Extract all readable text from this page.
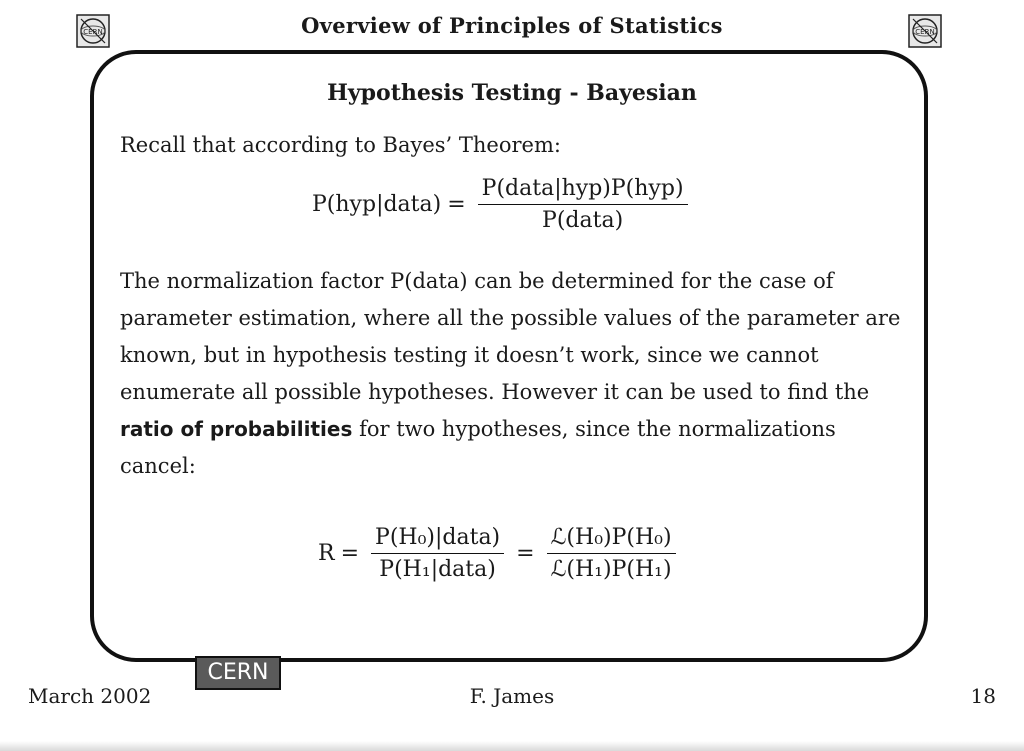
CERN	CERN
Overview of Principles of Statistics
Hypothesis Testing - Bayesian
Recall that according to Bayes’ Theorem:
P(hyp|data) = $\frac{\text{P(data|hyp)P(hyp)}}{\text{P(data)}}$
The normalization factor P(data) can be determined for the case of parameter estimation, where all the possible values of the parameter are known, but in hypothesis testing it doesn’t work, since we cannot enumerate all possible hypotheses. However it can be used to find the ratio of probabilities for two hypotheses, since the normalizations cancel:
$R = \frac{\text{P(H₀)|data)}}{\text{P(H₁|data)}} = \frac{\text{ℒ(H₀)P(H₀)}}{\text{ℒ(H₁)P(H₁)}}$
CERN
March 2002	F. James	18
